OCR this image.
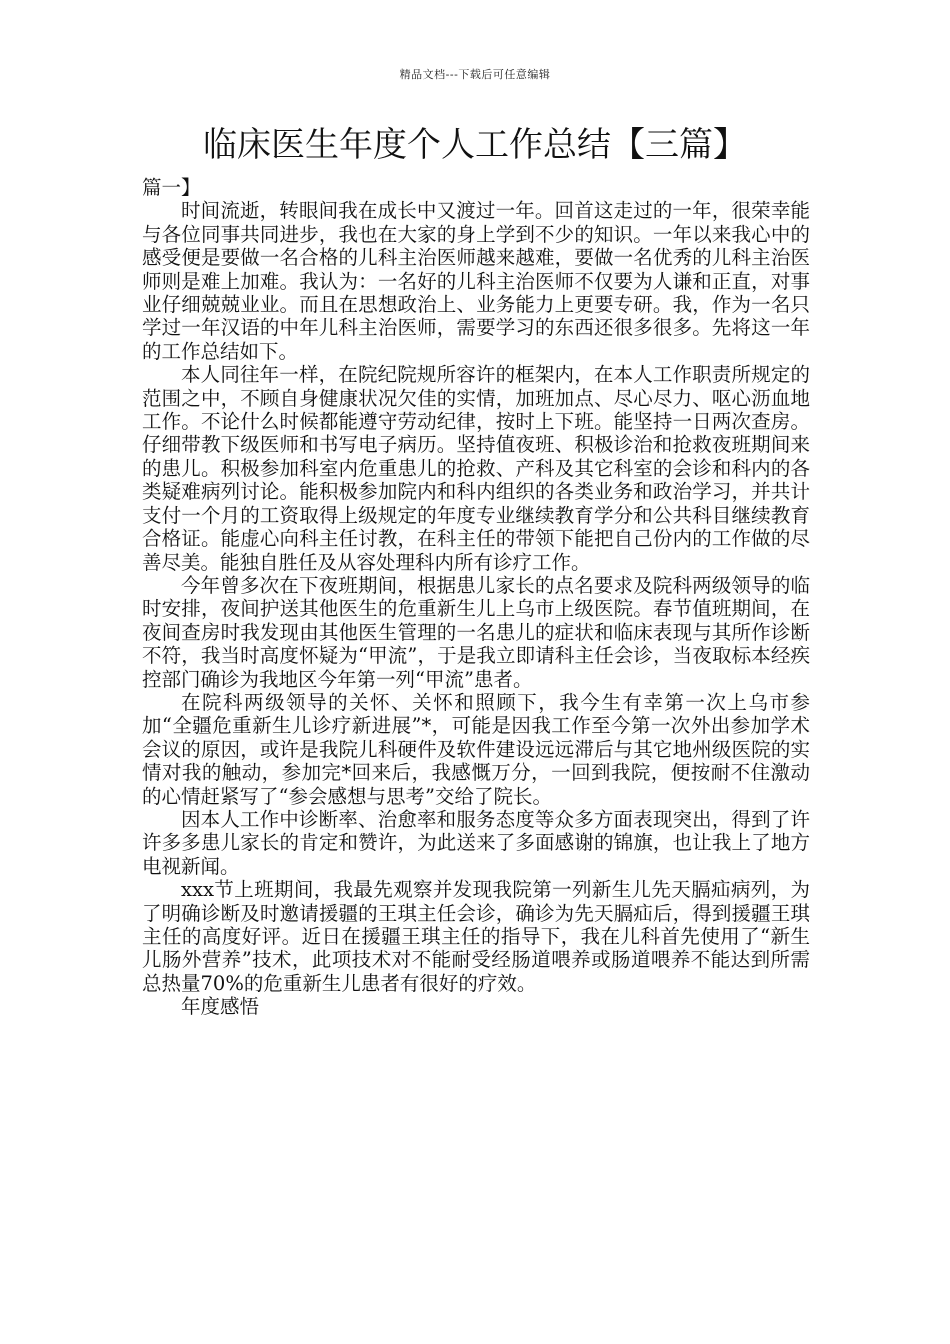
精品文档---下载后可任意编辑
临床医生年度个人工作总结【三篇】
篇一】

时间流逝，转眼间我在成长中又渡过一年。回首这走过的一年，很荣幸能与各位同事共同进步，我也在大家的身上学到不少的知识。一年以来我心中的感受便是要做一名合格的儿科主治医师越来越难，要做一名优秀的儿科主治医师则是难上加难。我认为：一名好的儿科主治医师不仅要为人谦和正直，对事业仔细兢兢业业。而且在思想政治上、业务能力上更要专研。我，作为一名只学过一年汉语的中年儿科主治医师，需要学习的东西还很多很多。先将这一年的工作总结如下。

本人同往年一样，在院纪院规所容许的框架内，在本人工作职责所规定的范围之中，不顾自身健康状况欠佳的实情，加班加点、尽心尽力、呕心沥血地工作。不论什么时候都能遵守劳动纪律，按时上下班。能坚持一日两次查房。仔细带教下级医师和书写电子病历。坚持值夜班、积极诊治和抢救夜班期间来的患儿。积极参加科室内危重患儿的抢救、产科及其它科室的会诊和科内的各类疑难病列讨论。能积极参加院内和科内组织的各类业务和政治学习，并共计支付一个月的工资取得上级规定的年度专业继续教育学分和公共科目继续教育合格证。能虚心向科主任讨教，在科主任的带领下能把自己份内的工作做的尽善尽美。能独自胜任及从容处理科内所有诊疗工作。

今年曾多次在下夜班期间，根据患儿家长的点名要求及院科两级领导的临时安排，夜间护送其他医生的危重新生儿上乌市上级医院。春节值班期间，在夜间查房时我发现由其他医生管理的一名患儿的症状和临床表现与其所作诊断不符，我当时高度怀疑为“甲流”，于是我立即请科主任会诊，当夜取标本经疾控部门确诊为我地区今年第一列“甲流”患者。

在院科两级领导的关怀、关怀和照顾下，我今生有幸第一次上乌市参加“全疆危重新生儿诊疗新进展”*，可能是因我工作至今第一次外出参加学术会议的原因，或许是我院儿科硬件及软件建设远远滞后与其它地州级医院的实情对我的触动，参加完*回来后，我感慨万分，一回到我院，便按耐不住激动的心情赶紧写了“参会感想与思考”交给了院长。

因本人工作中诊断率、治愈率和服务态度等众多方面表现突出，得到了许许多多患儿家长的肯定和赞许，为此送来了多面感谢的锦旗，也让我上了地方电视新闻。

xxx节上班期间，我最先观察并发现我院第一列新生儿先天膈疝病列，为了明确诊断及时邀请援疆的王琪主任会诊，确诊为先天膈疝后，得到援疆王琪主任的高度好评。近日在援疆王琪主任的指导下，我在儿科首先使用了“新生儿肠外营养”技术，此项技术对不能耐受经肠道喂养或肠道喂养不能达到所需总热量70%的危重新生儿患者有很好的疗效。

年度感悟
